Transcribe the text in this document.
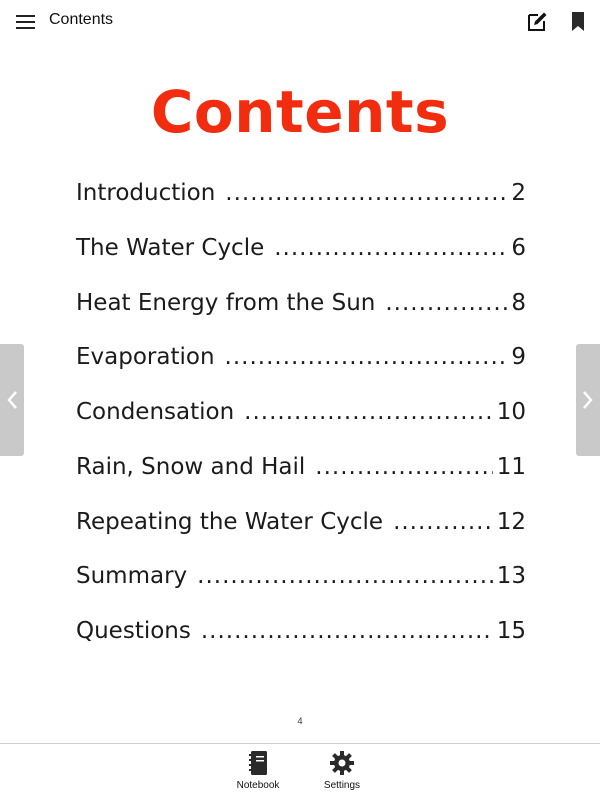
Contents
Contents
Introduction .....	2
The Water Cycle .....	6
Heat Energy from the Sun .....	8
Evaporation .....	9
Condensation .....	10
Rain, Snow and Hail .....	11
Repeating the Water Cycle .....	12
Summary .....	13
Questions .....	15
4
Notebook	Settings
